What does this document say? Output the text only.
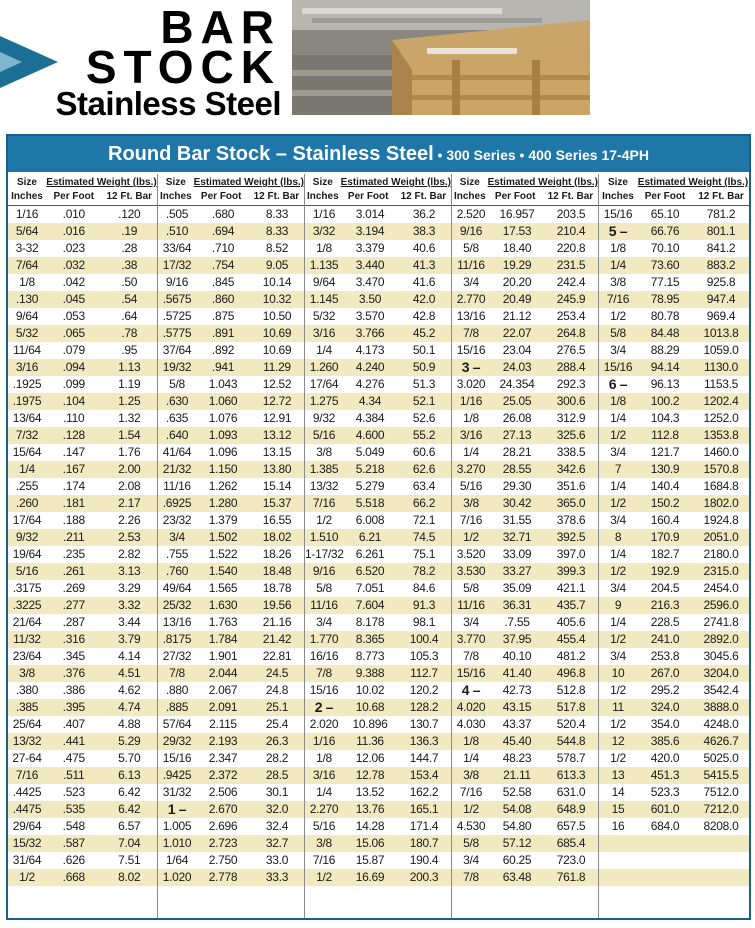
BAR
STOCK
Stainless Steel
Round Bar Stock – Stainless Steel • 300 Series • 400 Series 17-4PH
Size
Inches
Estimated Weight (lbs.)
Per Foot	12 Ft. Bar
1/16	.010	.120
5/64	.016	.19
3-32	.023	.28
7/64	.032	.38
1/8	.042	.50
.130	.045	.54
9/64	.053	.64
5/32	.065	.78
11/64	.079	.95
3/16	.094	1.13
.1925	.099	1.19
.1975	.104	1.25
13/64	.110	1.32
7/32	.128	1.54
15/64	.147	1.76
1/4	.167	2.00
.255	.174	2.08
.260	.181	2.17
17/64	.188	2.26
9/32	.211	2.53
19/64	.235	2.82
5/16	.261	3.13
.3175	.269	3.29
.3225	.277	3.32
21/64	.287	3.44
11/32	.316	3.79
23/64	.345	4.14
3/8	.376	4.51
.380	.386	4.62
.385	.395	4.74
25/64	.407	4.88
13/32	.441	5.29
27-64	.475	5.70
7/16	.511	6.13
.4425	.523	6.42
.4475	.535	6.42
29/64	.548	6.57
15/32	.587	7.04
31/64	.626	7.51
1/2	.668	8.02
Size
Inches
Estimated Weight (lbs.)
Per Foot	12 Ft. Bar
.505	.680	8.33
.510	.694	8.33
33/64	.710	8.52
17/32	.754	9.05
9/16	.845	10.14
.5675	.860	10.32
.5725	.875	10.50
.5775	.891	10.69
37/64	.892	10.69
19/32	.941	11.29
5/8	1.043	12.52
.630	1.060	12.72
.635	1.076	12.91
.640	1.093	13.12
41/64	1.096	13.15
21/32	1.150	13.80
11/16	1.262	15.14
.6925	1.280	15.37
23/32	1.379	16.55
3/4	1.502	18.02
.755	1.522	18.26
.760	1.540	18.48
49/64	1.565	18.78
25/32	1.630	19.56
13/16	1.763	21.16
.8175	1.784	21.42
27/32	1.901	22.81
7/8	2.044	24.5
.880	2.067	24.8
.885	2.091	25.1
57/64	2.115	25.4
29/32	2.193	26.3
15/16	2.347	28.2
.9425	2.372	28.5
31/32	2.506	30.1
1 –	2.670	32.0
1.005	2.696	32.4
1.010	2.723	32.7
1/64	2.750	33.0
1.020	2.778	33.3
Size
Inches
Estimated Weight (lbs.)
Per Foot	12 Ft. Bar
1/16	3.014	36.2
3/32	3.194	38.3
1/8	3.379	40.6
1.135	3.440	41.3
9/64	3.470	41.6
1.145	3.50	42.0
5/32	3.570	42.8
3/16	3.766	45.2
1/4	4.173	50.1
1.260	4.240	50.9
17/64	4.276	51.3
1.275	4.34	52.1
9/32	4.384	52.6
5/16	4.600	55.2
3/8	5.049	60.6
1.385	5.218	62.6
13/32	5.279	63.4
7/16	5.518	66.2
1/2	6.008	72.1
1.510	6.21	74.5
1-17/32	6.261	75.1
9/16	6.520	78.2
5/8	7.051	84.6
11/16	7.604	91.3
3/4	8.178	98.1
1.770	8.365	100.4
16/16	8.773	105.3
7/8	9.388	112.7
15/16	10.02	120.2
2 –	10.68	128.2
2.020	10.896	130.7
1/16	11.36	136.3
1/8	12.06	144.7
3/16	12.78	153.4
1/4	13.52	162.2
2.270	13.76	165.1
5/16	14.28	171.4
3/8	15.06	180.7
7/16	15.87	190.4
1/2	16.69	200.3
Size
Inches
Estimated Weight (lbs.)
Per Foot	12 Ft. Bar
2.520	16.957	203.5
9/16	17.53	210.4
5/8	18.40	220.8
11/16	19.29	231.5
3/4	20.20	242.4
2.770	20.49	245.9
13/16	21.12	253.4
7/8	22.07	264.8
15/16	23.04	276.5
3 –	24.03	288.4
3.020	24.354	292.3
1/16	25.05	300.6
1/8	26.08	312.9
3/16	27.13	325.6
1/4	28.21	338.5
3.270	28.55	342.6
5/16	29.30	351.6
3/8	30.42	365.0
7/16	31.55	378.6
1/2	32.71	392.5
3.520	33.09	397.0
3.530	33.27	399.3
5/8	35.09	421.1
11/16	36.31	435.7
3/4	.7.55	405.6
3.770	37.95	455.4
7/8	40.10	481.2
15/16	41.40	496.8
4 –	42.73	512.8
4.020	43.15	517.8
4.030	43.37	520.4
1/8	45.40	544.8
1/4	48.23	578.7
3/8	21.11	613.3
7/16	52.58	631.0
1/2	54.08	648.9
4.530	54.80	657.5
5/8	57.12	685.4
3/4	60.25	723.0
7/8	63.48	761.8
Size
Inches
Estimated Weight (lbs.)
Per Foot	12 Ft. Bar
15/16	65.10	781.2
5 –	66.76	801.1
1/8	70.10	841.2
1/4	73.60	883.2
3/8	77.15	925.8
7/16	78.95	947.4
1/2	80.78	969.4
5/8	84.48	1013.8
3/4	88.29	1059.0
15/16	94.14	1130.0
6 –	96.13	1153.5
1/8	100.2	1202.4
1/4	104.3	1252.0
1/2	112.8	1353.8
3/4	121.7	1460.0
7	130.9	1570.8
1/4	140.4	1684.8
1/2	150.2	1802.0
3/4	160.4	1924.8
8	170.9	2051.0
1/4	182.7	2180.0
1/2	192.9	2315.0
3/4	204.5	2454.0
9	216.3	2596.0
1/4	228.5	2741.8
1/2	241.0	2892.0
3/4	253.8	3045.6
10	267.0	3204.0
1/2	295.2	3542.4
11	324.0	3888.0
1/2	354.0	4248.0
12	385.6	4626.7
1/2	420.0	5025.0
13	451.3	5415.5
14	523.3	7512.0
15	601.0	7212.0
16	684.0	8208.0
